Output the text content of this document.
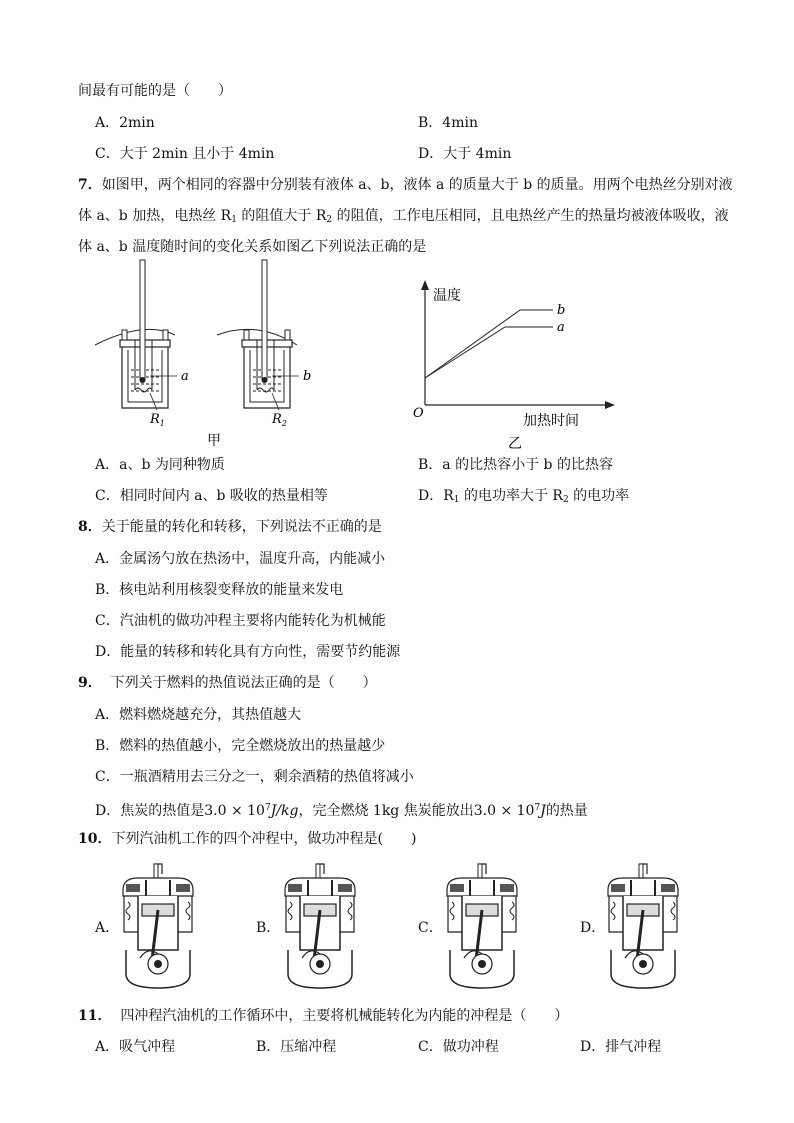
间最有可能的是（　　）
A．2min	B．4min
C．大于 2min 且小于 4min	D．大于 4min
7．如图甲，两个相同的容器中分别装有液体 a、b，液体 a 的质量大于 b 的质量。用两个电热丝分别对液
体 a、b 加热，电热丝 $R_1$ 的阻值大于 $R_2$ 的阻值，工作电压相同，且电热丝产生的热量均被液体吸收，液
体 a、b 温度随时间的变化关系如图乙下列说法正确的是
a
$R_1$
b
$R_2$
甲
温度
加热时间
O
b
a
乙
A．a、b 为同种物质	B．a 的比热容小于 b 的比热容
C．相同时间内 a、b 吸收的热量相等	D．$R_1$ 的电功率大于 $R_2$ 的电功率
8．关于能量的转化和转移，下列说法不正确的是
A．金属汤勺放在热汤中，温度升高，内能减小
B．核电站利用核裂变释放的能量来发电
C．汽油机的做功冲程主要将内能转化为机械能
D．能量的转移和转化具有方向性，需要节约能源
9．  下列关于燃料的热值说法正确的是（　　）
A．燃料燃烧越充分，其热值越大
B．燃料的热值越小，完全燃烧放出的热量越少
C．一瓶酒精用去三分之一，剩余酒精的热值将减小
D．焦炭的热值是$3.0 \times 10^7J/kg$，完全燃烧 1kg 焦炭能放出$3.0 \times 10^7J$的热量
10．下列汽油机工作的四个冲程中，做功冲程是(　　)
A．	B．	C．	D．
11．  四冲程汽油机的工作循环中，主要将机械能转化为内能的冲程是（　　）
A．吸气冲程	B．压缩冲程	C．做功冲程	D．排气冲程
